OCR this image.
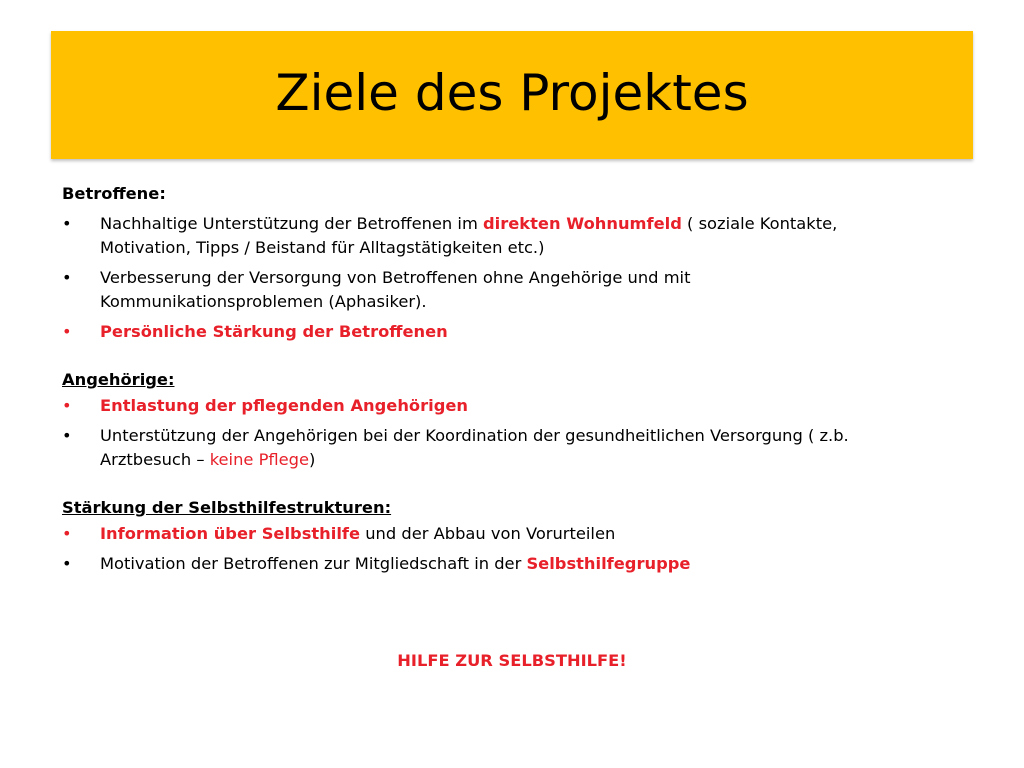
Ziele des Projektes

Betroffene:

•	Nachhaltige Unterstützung der Betroffenen im direkten Wohnumfeld ( soziale Kontakte,
Motivation, Tipps / Beistand für Alltagstätigkeiten etc.)
•	Verbesserung der Versorgung von Betroffenen ohne Angehörige und mit
Kommunikationsproblemen (Aphasiker).
•	Persönliche Stärkung der Betroffenen

Angehörige:

•	Entlastung der pflegenden Angehörigen
•	Unterstützung der Angehörigen bei der Koordination der gesundheitlichen Versorgung ( z.b.
Arztbesuch – keine Pflege)

Stärkung der Selbsthilfestrukturen:

•	Information über Selbsthilfe und der Abbau von Vorurteilen
•	Motivation der Betroffenen zur Mitgliedschaft in der Selbsthilfegruppe
HILFE ZUR SELBSTHILFE!
